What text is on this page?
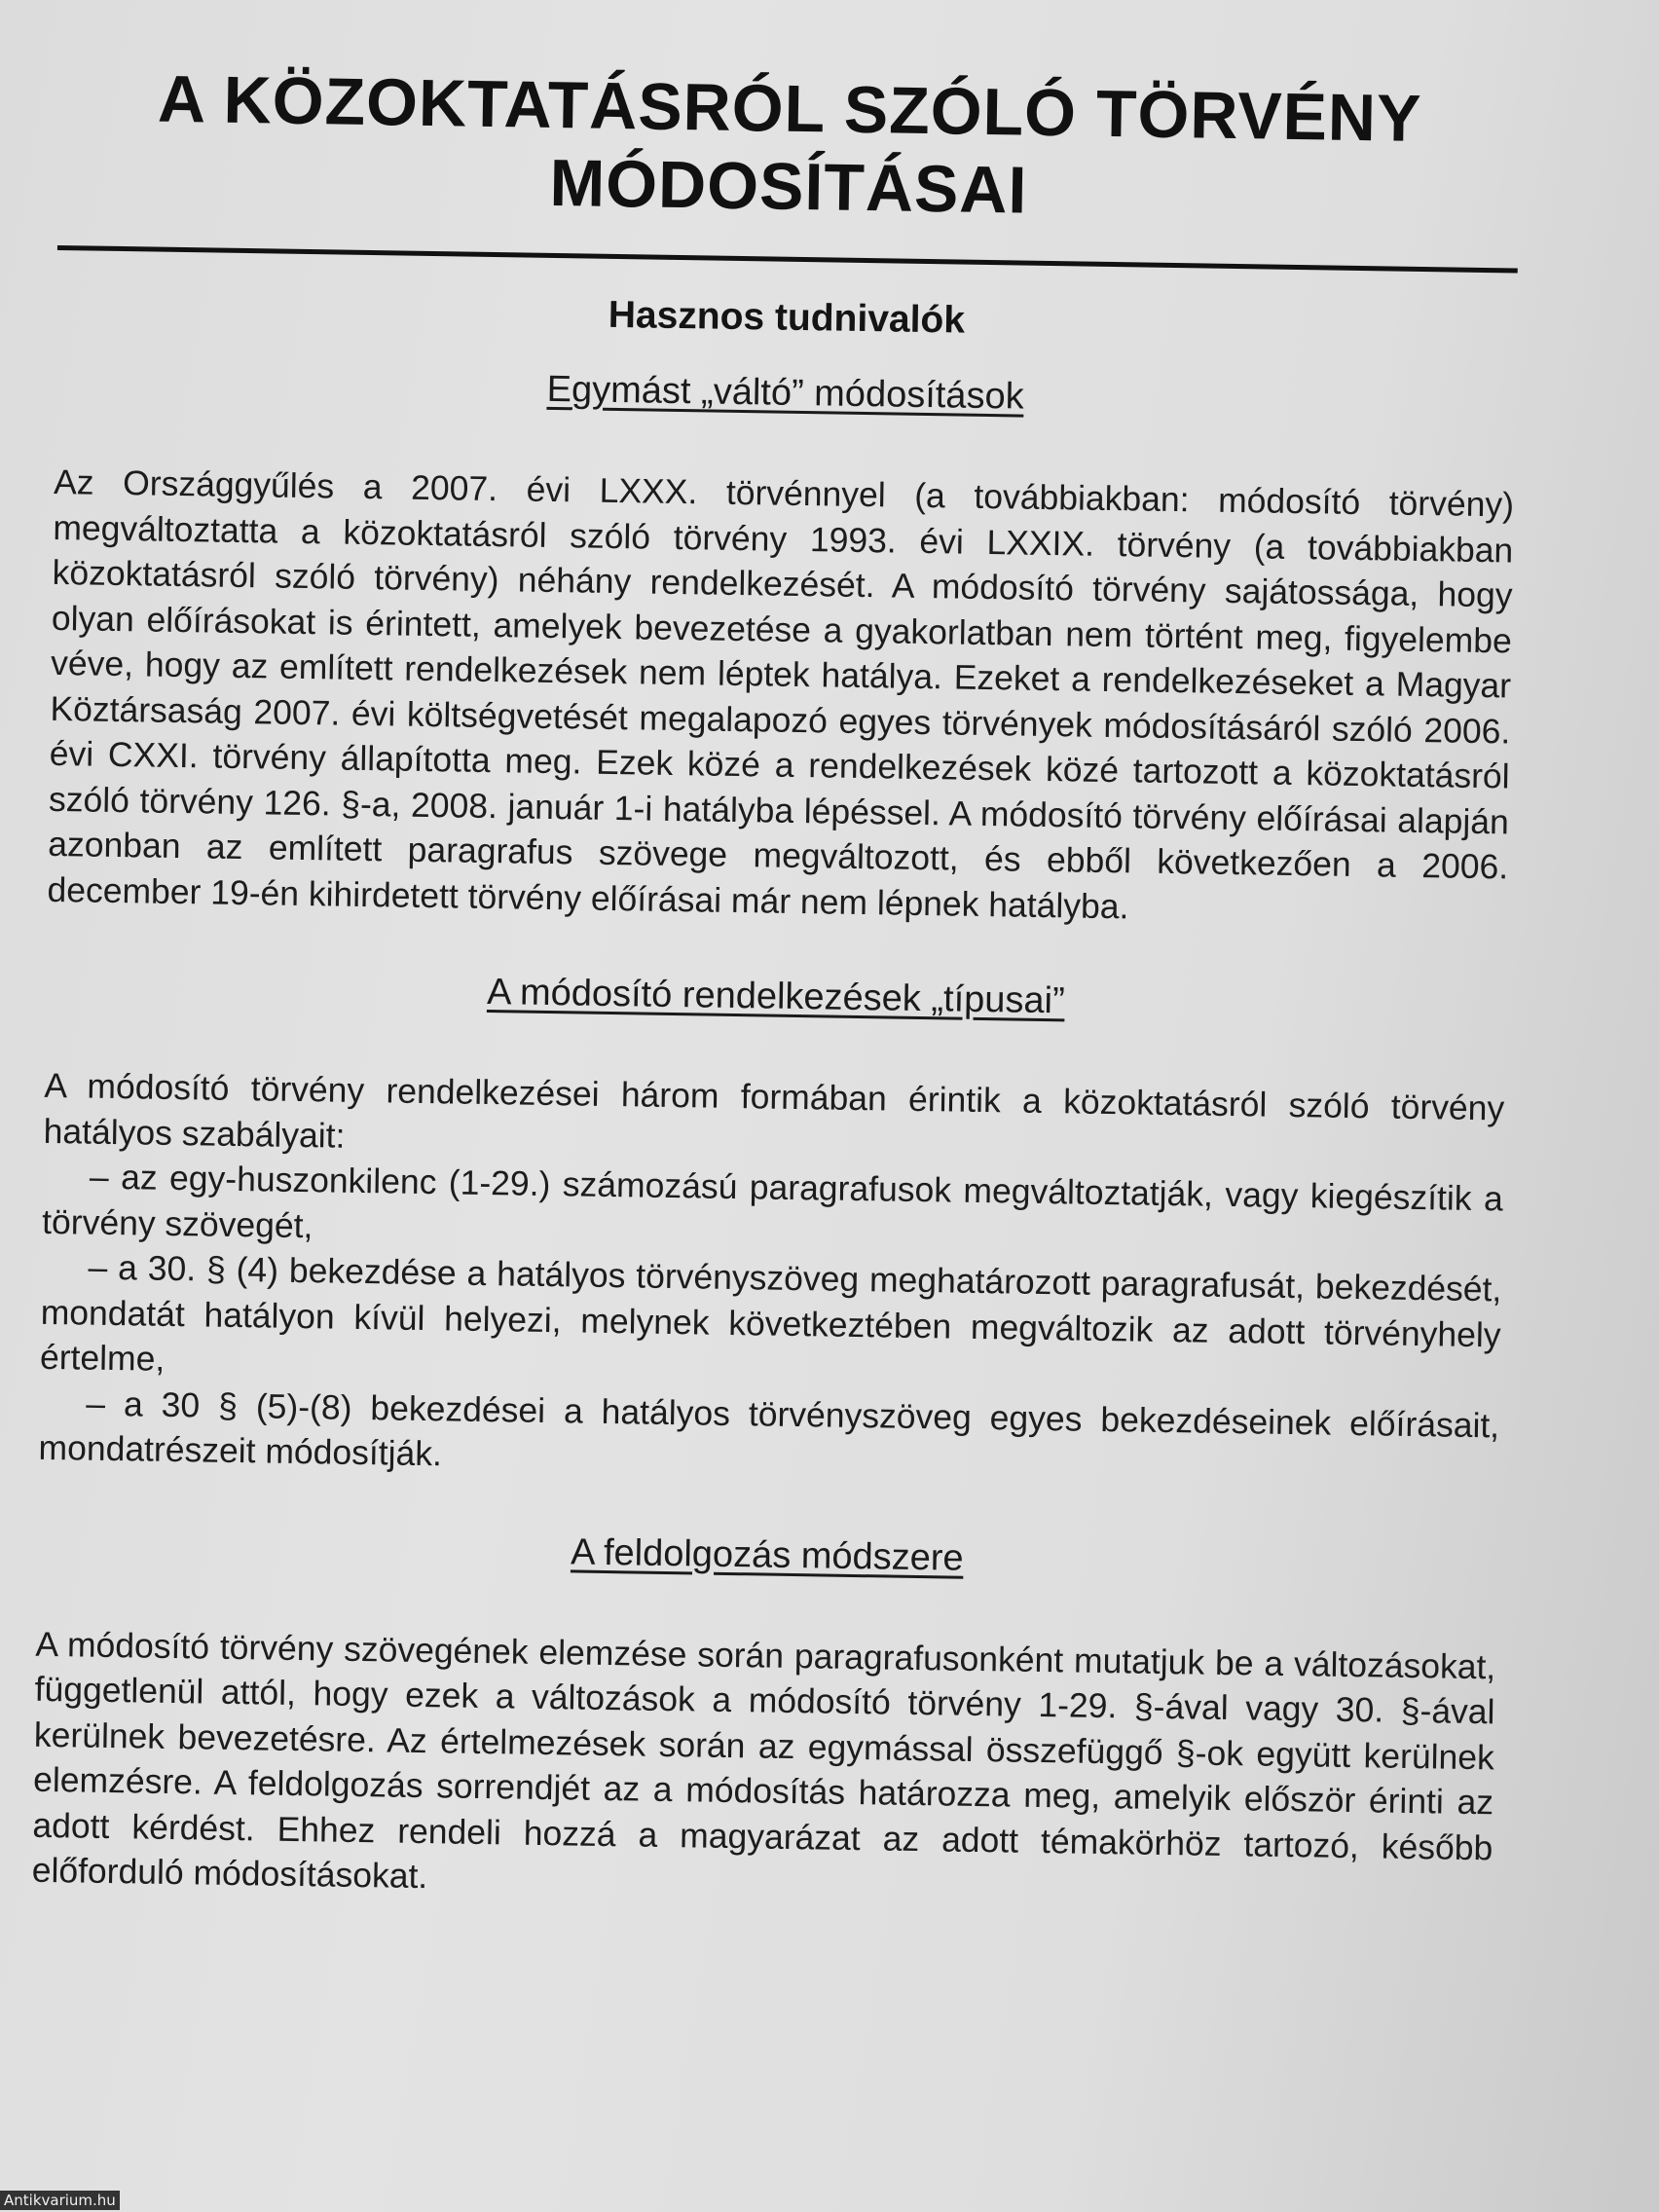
A KÖZOKTATÁSRÓL SZÓLÓ TÖRVÉNY
MÓDOSÍTÁSAI
Hasznos tudnivalók
Egymást „váltó” módosítások
Az Országgyűlés a 2007. évi LXXX. törvénnyel (a továbbiakban: módosító törvény) megváltoztatta a közoktatásról szóló törvény 1993. évi LXXIX. törvény (a továbbiakban közoktatásról szóló törvény) néhány rendelkezését. A módosító törvény sajátossága, hogy olyan előírásokat is érintett, amelyek bevezetése a gyakorlatban nem történt meg, figyelembe véve, hogy az említett rendelkezések nem léptek hatálya. Ezeket a rendelkezéseket a Magyar Köztársaság 2007. évi költségvetését megalapozó egyes törvények módosításáról szóló 2006. évi CXXI. törvény állapította meg. Ezek közé a rendelkezések közé tartozott a közoktatásról szóló törvény 126. §-a, 2008. január 1-i hatályba lépéssel. A módosító törvény előírásai alapján azonban az említett paragrafus szövege megváltozott, és ebből következően a 2006. december 19-én kihirdetett törvény előírásai már nem lépnek hatályba.
A módosító rendelkezések „típusai”
A módosító törvény rendelkezései három formában érintik a közoktatásról szóló törvény hatályos szabályait:
– az egy-huszonkilenc (1-29.) számozású paragrafusok megváltoztatják, vagy kiegészítik a törvény szövegét,
– a 30. § (4) bekezdése a hatályos törvényszöveg meghatározott paragrafusát, bekezdését, mondatát hatályon kívül helyezi, melynek következtében megváltozik az adott törvényhely értelme,
– a 30 § (5)-(8) bekezdései a hatályos törvényszöveg egyes bekezdéseinek előírásait, mondatrészeit módosítják.
A feldolgozás módszere
A módosító törvény szövegének elemzése során paragrafusonként mutatjuk be a változásokat, függetlenül attól, hogy ezek a változások a módosító törvény 1-29. §-ával vagy 30. §-ával kerülnek bevezetésre. Az értelmezések során az egymással összefüggő §-ok együtt kerülnek elemzésre. A feldolgozás sorrendjét az a módosítás határozza meg, amelyik először érinti az adott kérdést. Ehhez rendeli hozzá a magyarázat az adott témakörhöz tartozó, később előforduló módosításokat.
Antikvarium.hu
